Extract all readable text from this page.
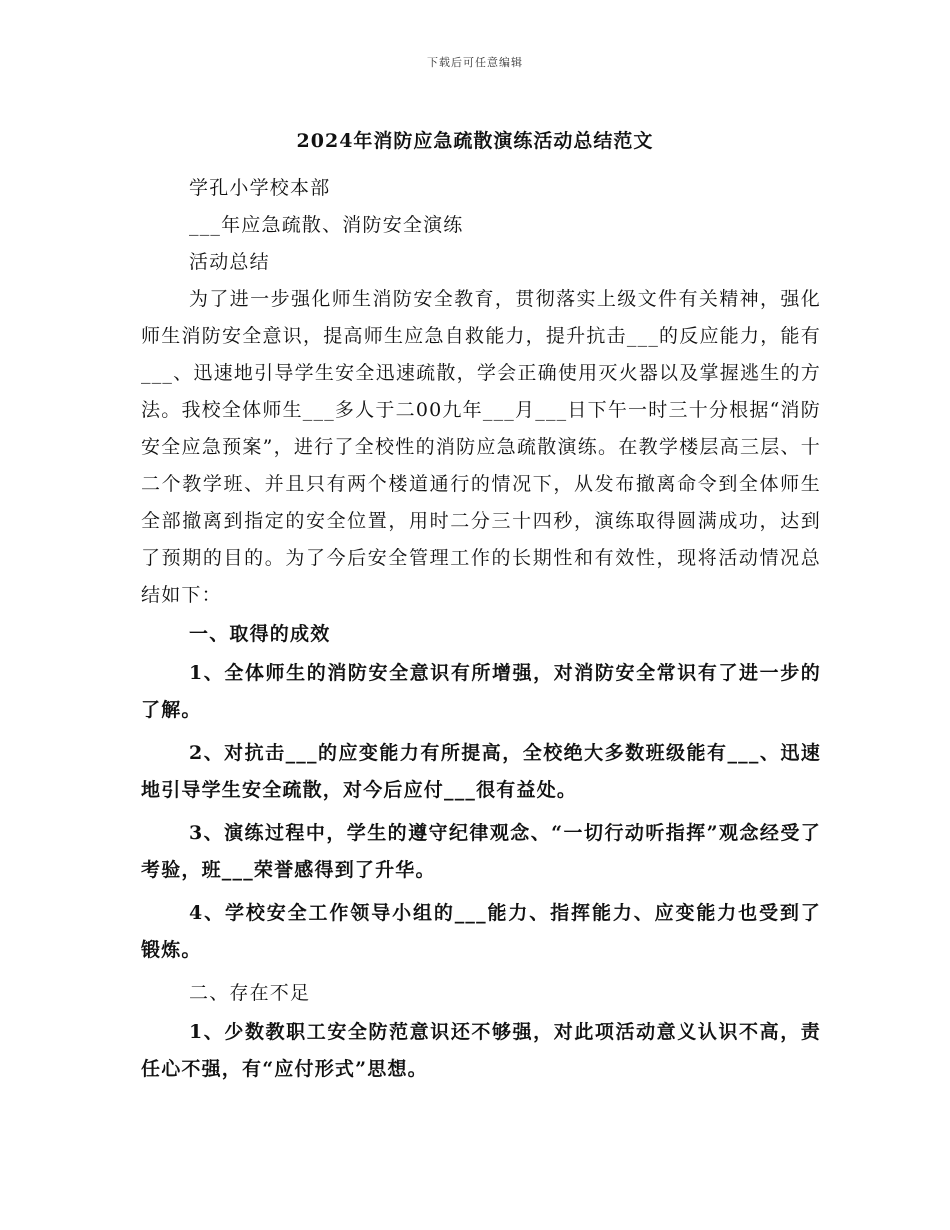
下载后可任意编辑
2024年消防应急疏散演练活动总结范文
学孔小学校本部
___年应急疏散、消防安全演练
活动总结

为了进一步强化师生消防安全教育，贯彻落实上级文件有关精神，强化师生消防安全意识，提高师生应急自救能力，提升抗击___的反应能力，能有___、迅速地引导学生安全迅速疏散，学会正确使用灭火器以及掌握逃生的方法。我校全体师生___多人于二00九年___月___日下午一时三十分根据“消防安全应急预案”，进行了全校性的消防应急疏散演练。在教学楼层高三层、十二个教学班、并且只有两个楼道通行的情况下，从发布撤离命令到全体师生全部撤离到指定的安全位置，用时二分三十四秒，演练取得圆满成功，达到了预期的目的。为了今后安全管理工作的长期性和有效性，现将活动情况总结如下：

一、取得的成效

1、全体师生的消防安全意识有所增强，对消防安全常识有了进一步的了解。

2、对抗击___的应变能力有所提高，全校绝大多数班级能有___、迅速地引导学生安全疏散，对今后应付___很有益处。

3、演练过程中，学生的遵守纪律观念、“一切行动听指挥”观念经受了考验，班___荣誉感得到了升华。

4、学校安全工作领导小组的___能力、指挥能力、应变能力也受到了锻炼。

二、存在不足

1、少数教职工安全防范意识还不够强，对此项活动意义认识不高，责任心不强，有“应付形式”思想。
